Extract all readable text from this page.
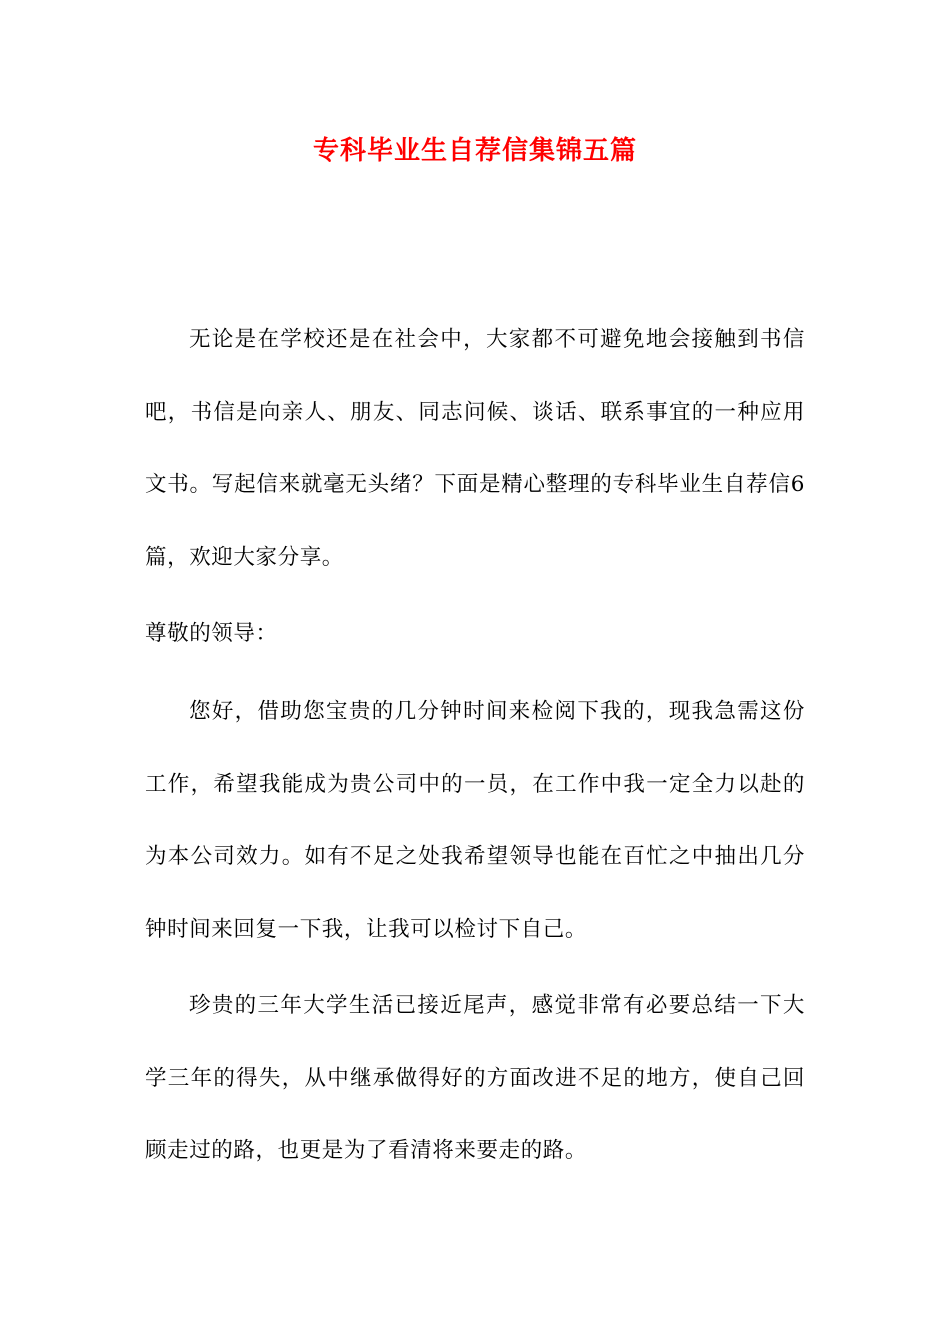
专科毕业生自荐信集锦五篇

无论是在学校还是在社会中，大家都不可避免地会接触到书信吧，书信是向亲人、朋友、同志问候、谈话、联系事宜的一种应用文书。写起信来就毫无头绪？下面是精心整理的专科毕业生自荐信6篇，欢迎大家分享。

尊敬的领导：

您好，借助您宝贵的几分钟时间来检阅下我的，现我急需这份工作，希望我能成为贵公司中的一员，在工作中我一定全力以赴的为本公司效力。如有不足之处我希望领导也能在百忙之中抽出几分钟时间来回复一下我，让我可以检讨下自己。

珍贵的三年大学生活已接近尾声，感觉非常有必要总结一下大学三年的得失，从中继承做得好的方面改进不足的地方，使自己回顾走过的路，也更是为了看清将来要走的路。
